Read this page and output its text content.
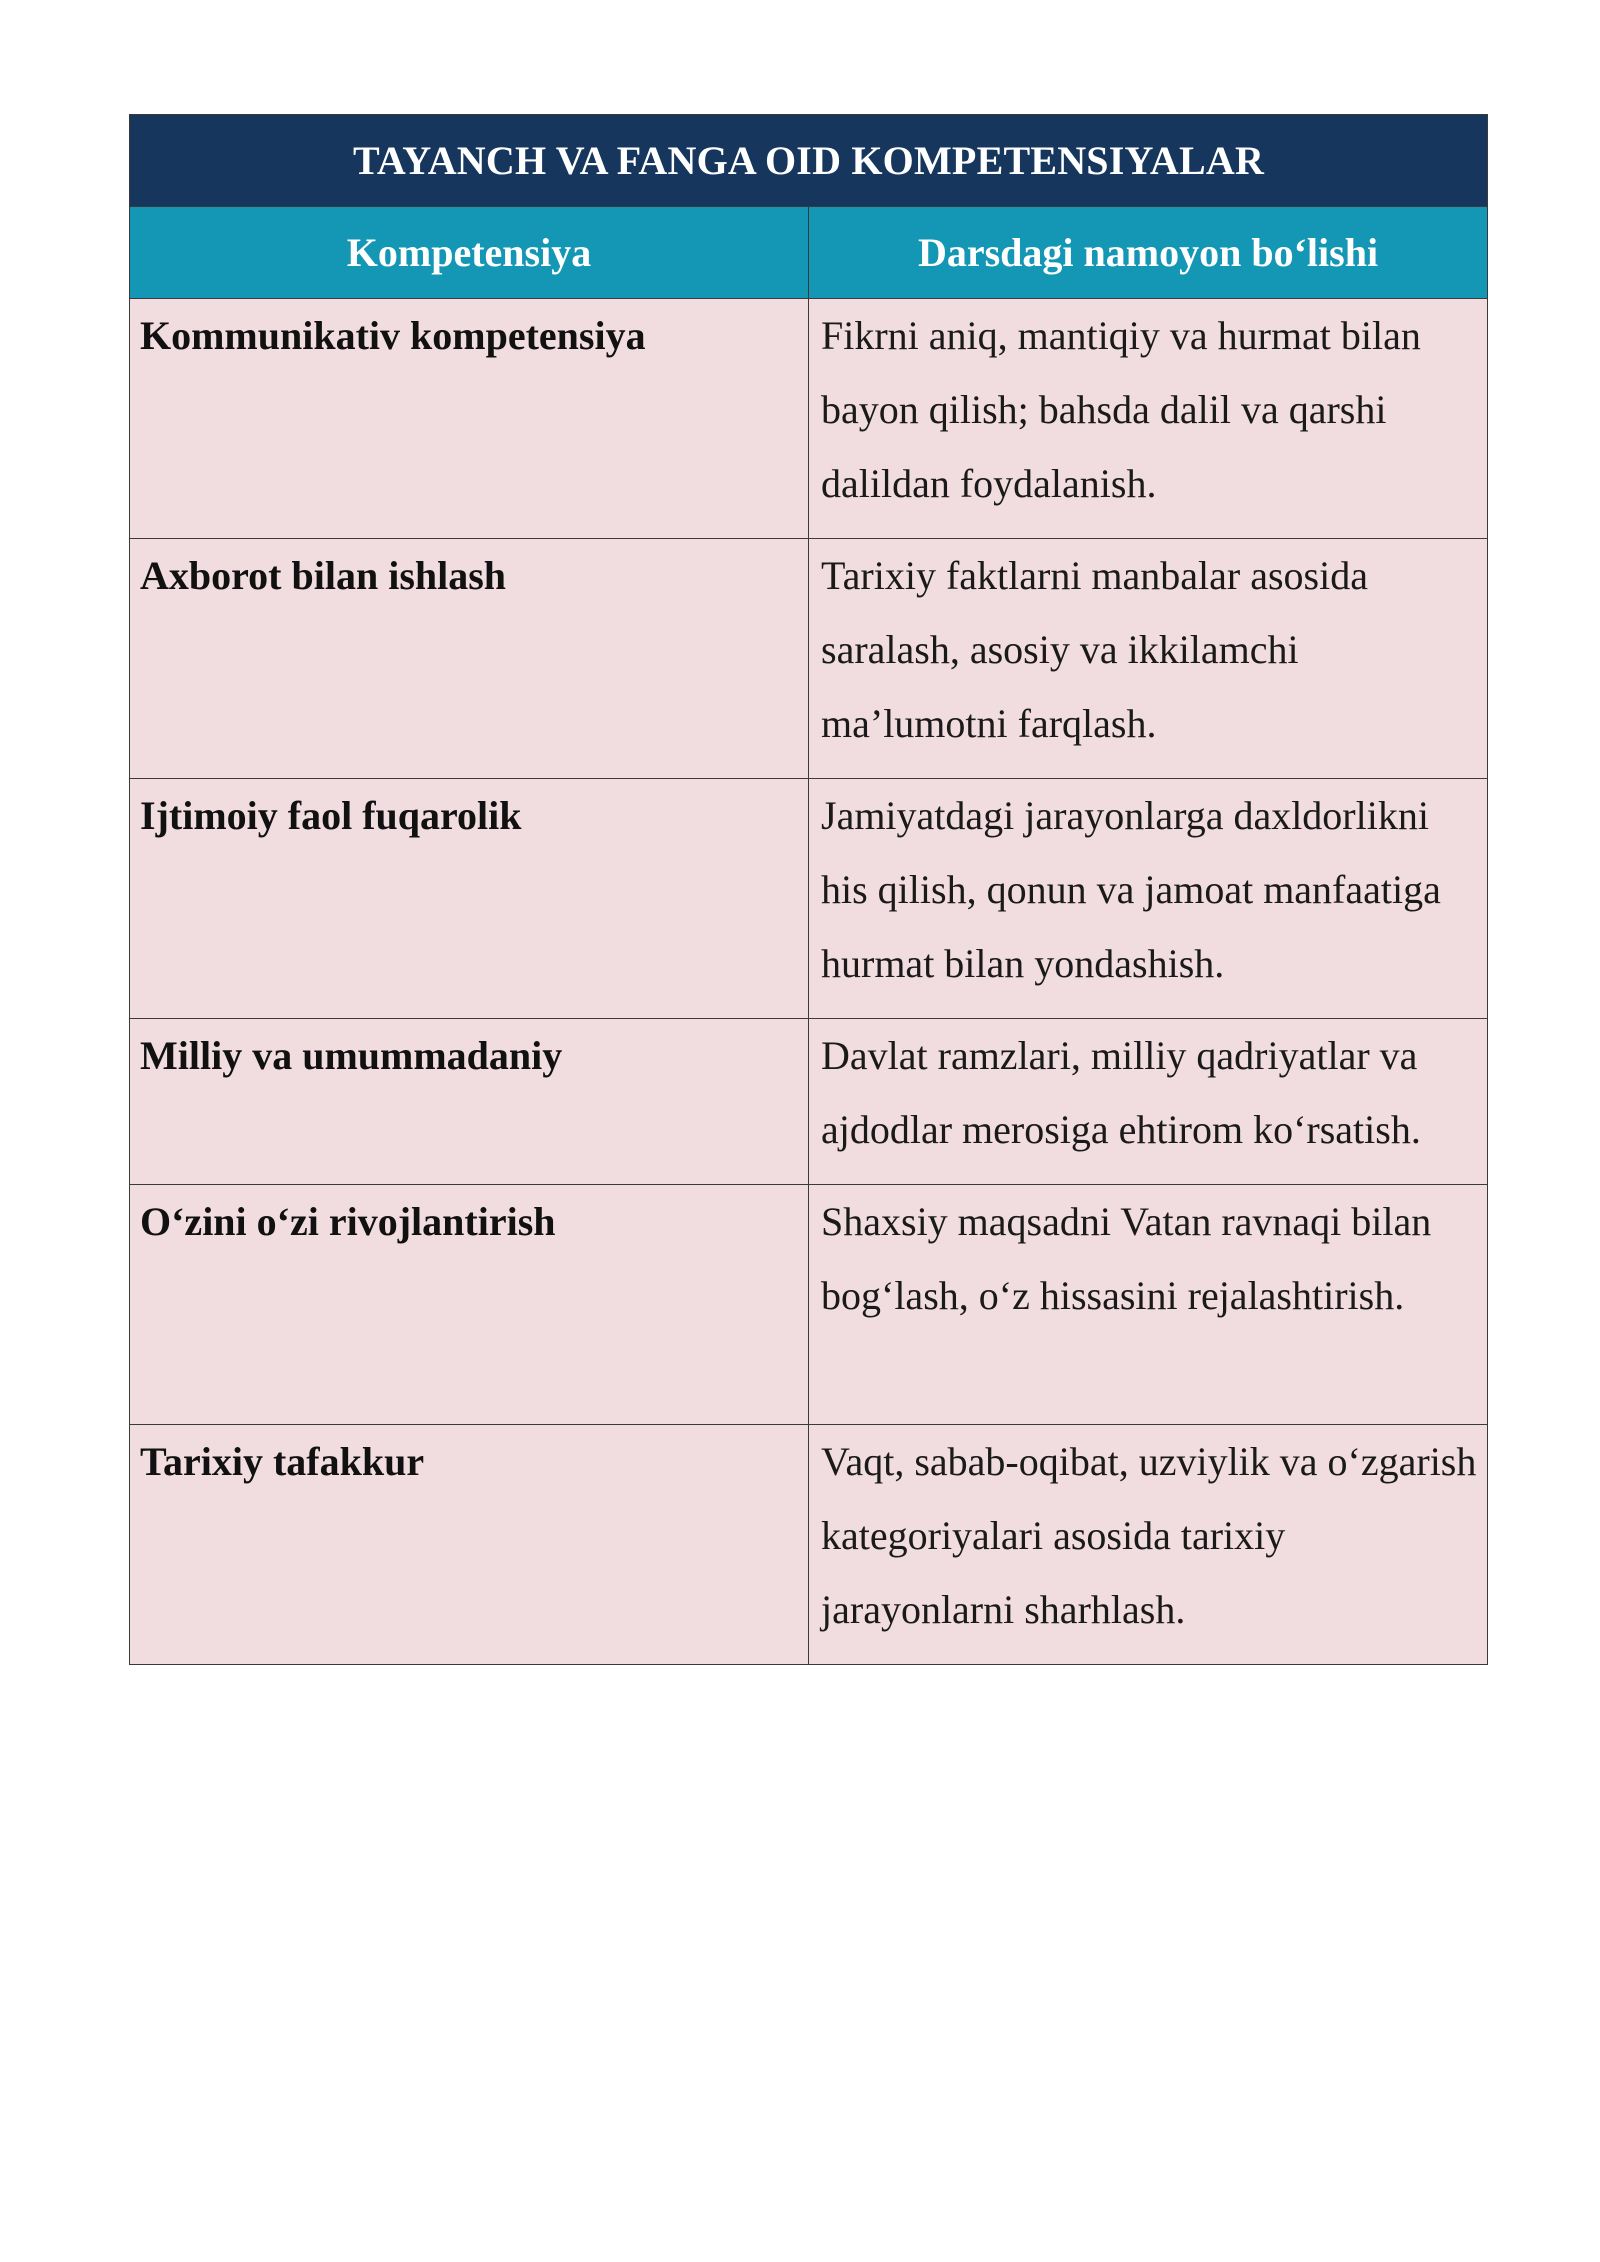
TAYANCH VA FANGA OID KOMPETENSIYALAR	
Kompetensiya	Darsdagi namoyon bo‘lishi
Kommunikativ kompetensiya	Fikrni aniq, mantiqiy va hurmat bilan bayon qilish; bahsda dalil va qarshi dalildan foydalanish.
Axborot bilan ishlash	Tarixiy faktlarni manbalar asosida saralash, asosiy va ikkilamchi ma’lumotni farqlash.
Ijtimoiy faol fuqarolik	Jamiyatdagi jarayonlarga daxldorlikni his qilish, qonun va jamoat manfaatiga hurmat bilan yondashish.
Milliy va umummadaniy	Davlat ramzlari, milliy qadriyatlar va ajdodlar merosiga ehtirom ko‘rsatish.
O‘zini o‘zi rivojlantirish	Shaxsiy maqsadni Vatan ravnaqi bilan bog‘lash, o‘z hissasini rejalashtirish.
Tarixiy tafakkur	Vaqt, sabab-oqibat, uzviylik va o‘zgarish kategoriyalari asosida tarixiy jarayonlarni sharhlash.
